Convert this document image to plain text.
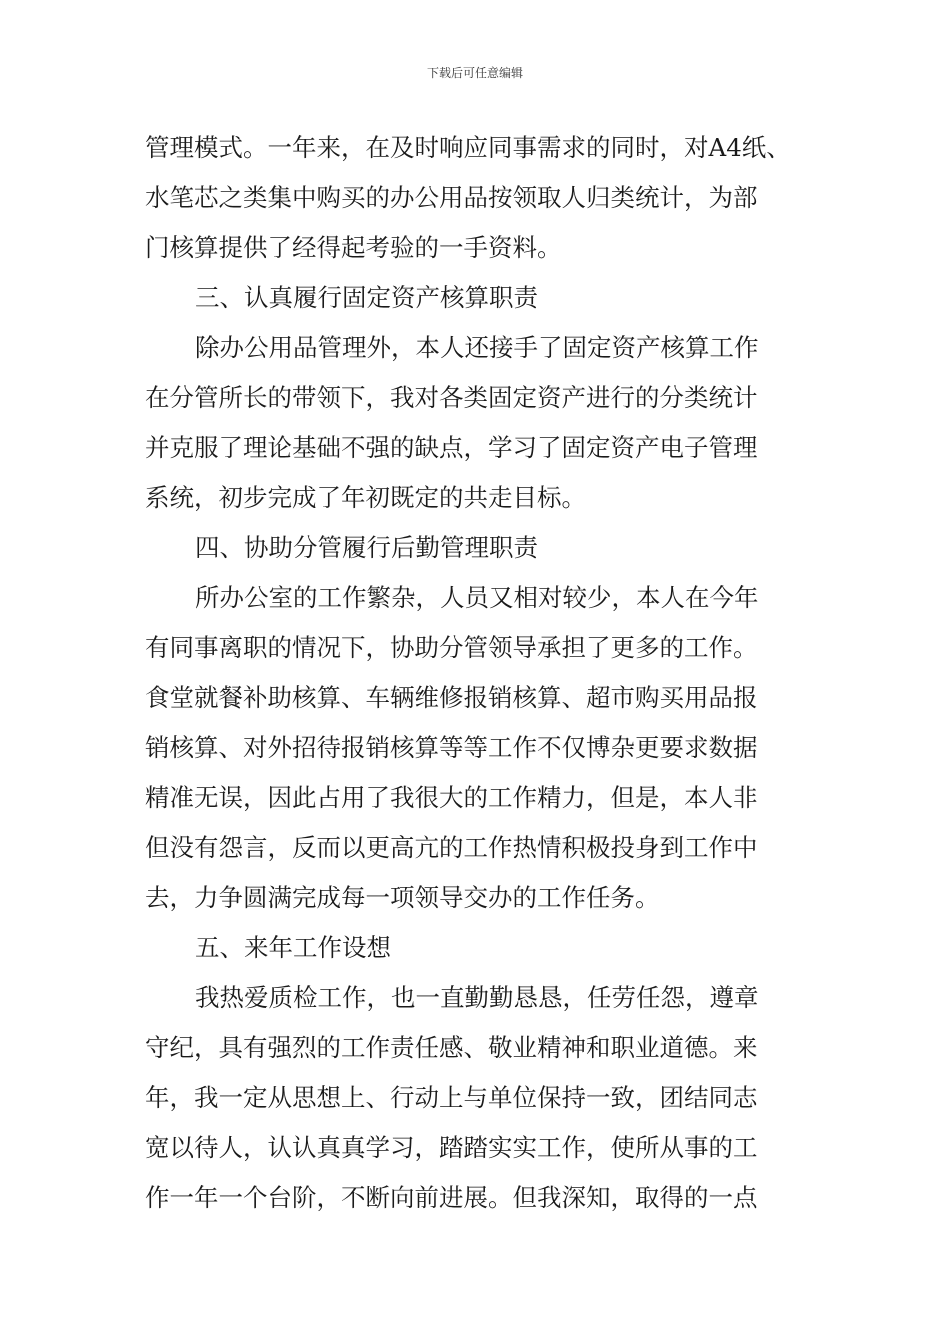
下载后可任意编辑
管理模式。一年来，在及时响应同事需求的同时，对A4纸、
水笔芯之类集中购买的办公用品按领取人归类统计，为部
门核算提供了经得起考验的一手资料。
三、认真履行固定资产核算职责
除办公用品管理外，本人还接手了固定资产核算工作
在分管所长的带领下，我对各类固定资产进行的分类统计
并克服了理论基础不强的缺点，学习了固定资产电子管理
系统，初步完成了年初既定的共走目标。
四、协助分管履行后勤管理职责
所办公室的工作繁杂，人员又相对较少，本人在今年
有同事离职的情况下，协助分管领导承担了更多的工作。
食堂就餐补助核算、车辆维修报销核算、超市购买用品报
销核算、对外招待报销核算等等工作不仅博杂更要求数据
精准无误，因此占用了我很大的工作精力，但是，本人非
但没有怨言，反而以更高亢的工作热情积极投身到工作中
去，力争圆满完成每一项领导交办的工作任务。
五、来年工作设想
我热爱质检工作，也一直勤勤恳恳，任劳任怨，遵章
守纪，具有强烈的工作责任感、敬业精神和职业道德。来
年，我一定从思想上、行动上与单位保持一致，团结同志
宽以待人，认认真真学习，踏踏实实工作，使所从事的工
作一年一个台阶，不断向前进展。但我深知，取得的一点
